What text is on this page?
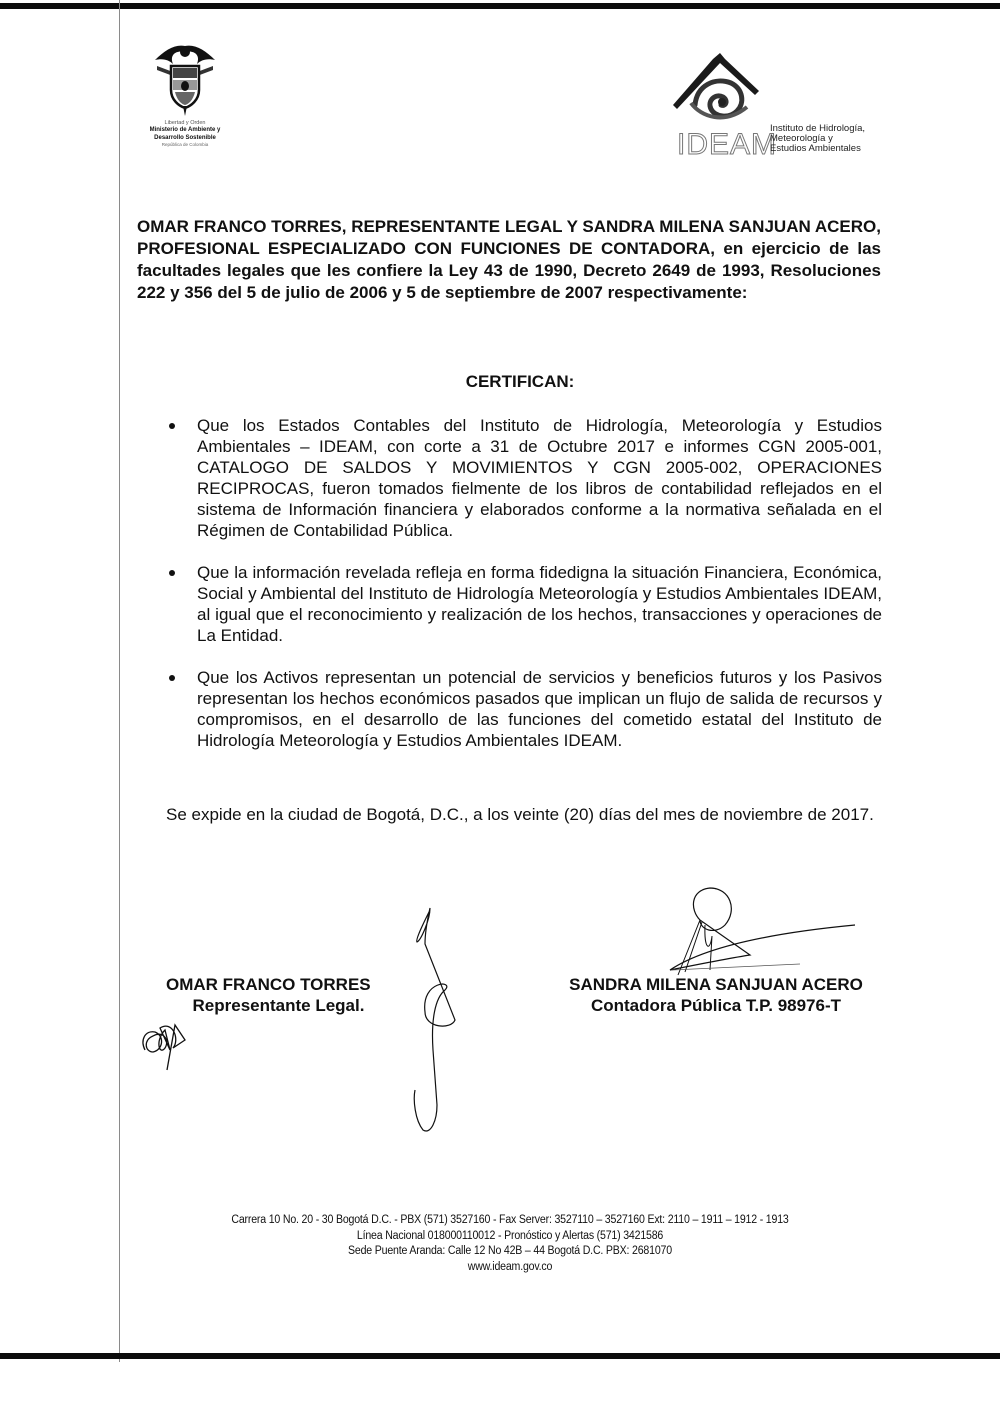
Libertad y Orden
Ministerio de Ambiente y
Desarrollo Sostenible
República de Colombia	IDEAM
Instituto de Hidrología,
Meteorología y
Estudios Ambientales
OMAR FRANCO TORRES, REPRESENTANTE LEGAL Y SANDRA MILENA SANJUAN ACERO, PROFESIONAL ESPECIALIZADO CON FUNCIONES DE CONTADORA, en ejercicio de las facultades legales que les confiere la Ley 43 de 1990, Decreto 2649 de 1993, Resoluciones 222 y 356 del 5 de julio de 2006 y 5 de septiembre de 2007 respectivamente:
CERTIFICAN:
Que los Estados Contables del Instituto de Hidrología, Meteorología y Estudios Ambientales – IDEAM, con corte a 31 de Octubre 2017 e informes CGN 2005-001, CATALOGO DE SALDOS Y MOVIMIENTOS Y CGN 2005-002, OPERACIONES RECIPROCAS, fueron tomados fielmente de los libros de contabilidad reflejados en el sistema de Información financiera y elaborados conforme a la normativa señalada en el Régimen de Contabilidad Pública.
Que la información revelada refleja en forma fidedigna la situación Financiera, Económica, Social y Ambiental del Instituto de Hidrología Meteorología y Estudios Ambientales IDEAM, al igual que el reconocimiento y realización de los hechos, transacciones y operaciones de La Entidad.
Que los Activos representan un potencial de servicios y beneficios futuros y los Pasivos representan los hechos económicos pasados que implican un flujo de salida de recursos y compromisos, en el desarrollo de las funciones del cometido estatal del Instituto de Hidrología Meteorología y Estudios Ambientales IDEAM.
Se expide en la ciudad de Bogotá, D.C., a los veinte (20) días del mes de noviembre de 2017.
OMAR FRANCO TORRES
Representante Legal.
SANDRA MILENA SANJUAN ACERO
Contadora Pública T.P. 98976-T
Carrera 10 No. 20 - 30 Bogotá D.C. - PBX (571) 3527160 - Fax Server: 3527110 – 3527160 Ext: 2110 – 1911 – 1912 - 1913
Línea Nacional 018000110012 - Pronóstico y Alertas (571) 3421586
Sede Puente Aranda: Calle 12 No 42B – 44 Bogotá D.C. PBX: 2681070
www.ideam.gov.co
